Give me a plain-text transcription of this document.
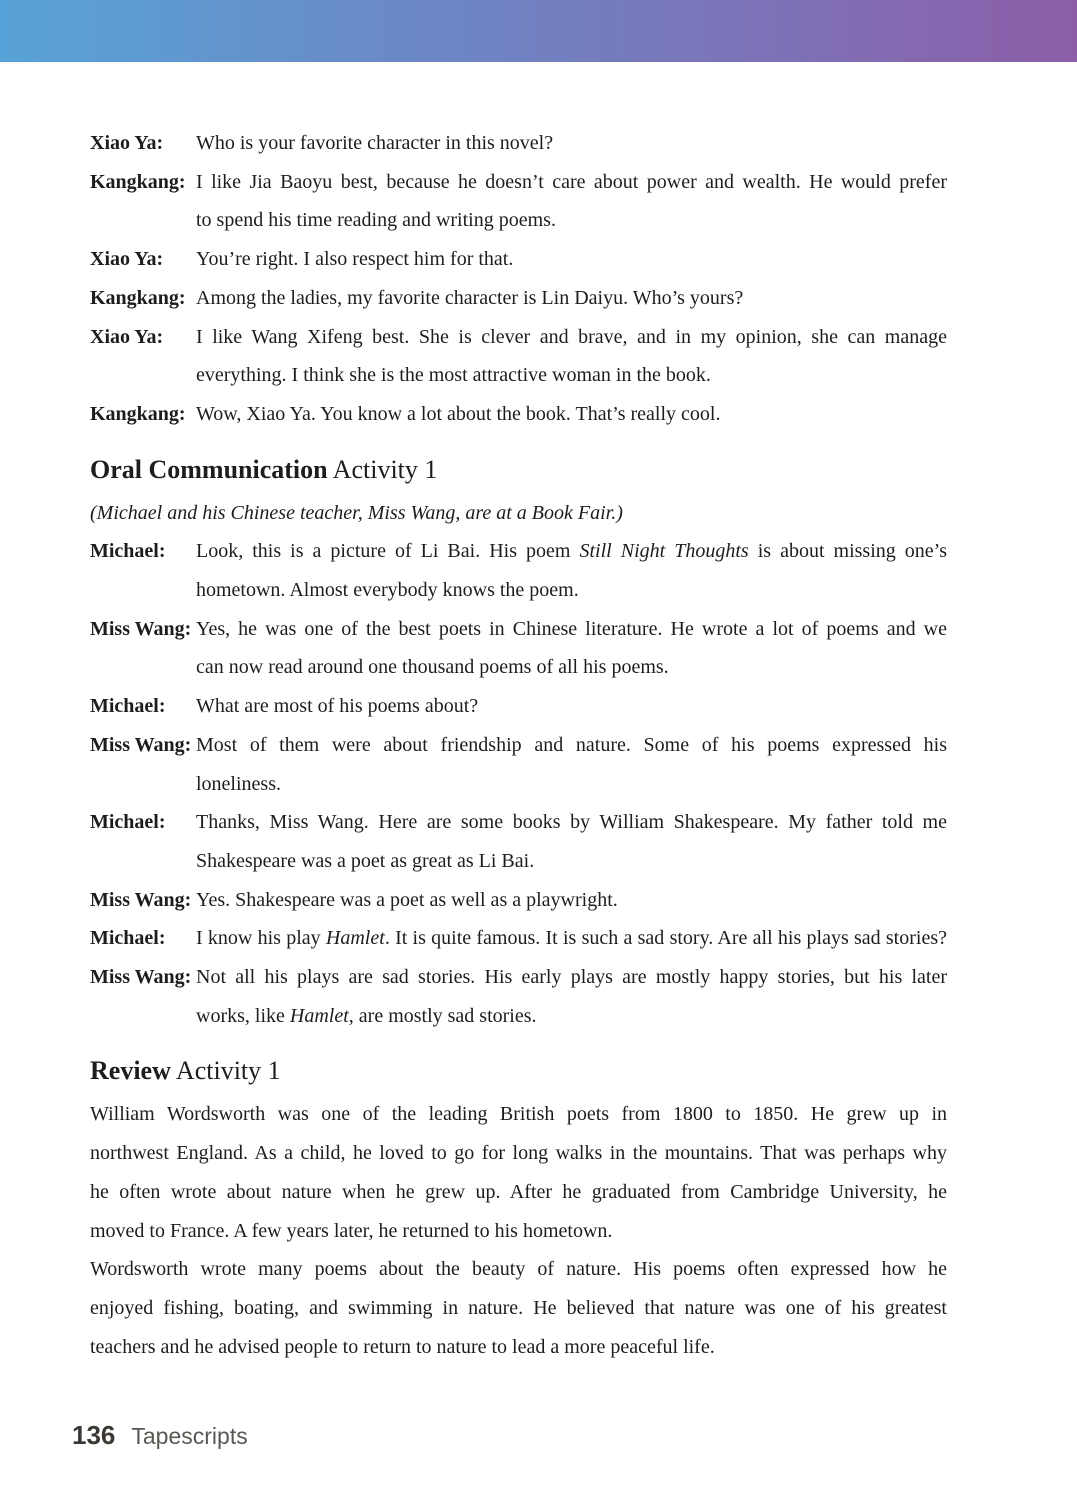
Xiao Ya: Who is your favorite character in this novel?
Kangkang: I like Jia Baoyu best, because he doesn’t care about power and wealth. He would prefer
to spend his time reading and writing poems.
Xiao Ya: You’re right. I also respect him for that.
Kangkang: Among the ladies, my favorite character is Lin Daiyu. Who’s yours?
Xiao Ya: I like Wang Xifeng best. She is clever and brave, and in my opinion, she can manage
everything. I think she is the most attractive woman in the book.
Kangkang: Wow, Xiao Ya. You know a lot about the book. That’s really cool.
Oral Communication Activity 1
(Michael and his Chinese teacher, Miss Wang, are at a Book Fair.)
Michael: Look, this is a picture of Li Bai. His poem Still Night Thoughts is about missing one’s
hometown. Almost everybody knows the poem.
Miss Wang: Yes, he was one of the best poets in Chinese literature. He wrote a lot of poems and we
can now read around one thousand poems of all his poems.
Michael: What are most of his poems about?
Miss Wang: Most of them were about friendship and nature. Some of his poems expressed his
loneliness.
Michael: Thanks, Miss Wang. Here are some books by William Shakespeare. My father told me
Shakespeare was a poet as great as Li Bai.
Miss Wang: Yes. Shakespeare was a poet as well as a playwright.
Michael: I know his play Hamlet. It is quite famous. It is such a sad story. Are all his plays sad stories?
Miss Wang: Not all his plays are sad stories. His early plays are mostly happy stories, but his later
works, like Hamlet, are mostly sad stories.
Review Activity 1
William Wordsworth was one of the leading British poets from 1800 to 1850. He grew up in
northwest England. As a child, he loved to go for long walks in the mountains. That was perhaps why
he often wrote about nature when he grew up. After he graduated from Cambridge University, he
moved to France. A few years later, he returned to his hometown.
Wordsworth wrote many poems about the beauty of nature. His poems often expressed how he
enjoyed fishing, boating, and swimming in nature. He believed that nature was one of his greatest
teachers and he advised people to return to nature to lead a more peaceful life.
136 Tapescripts
